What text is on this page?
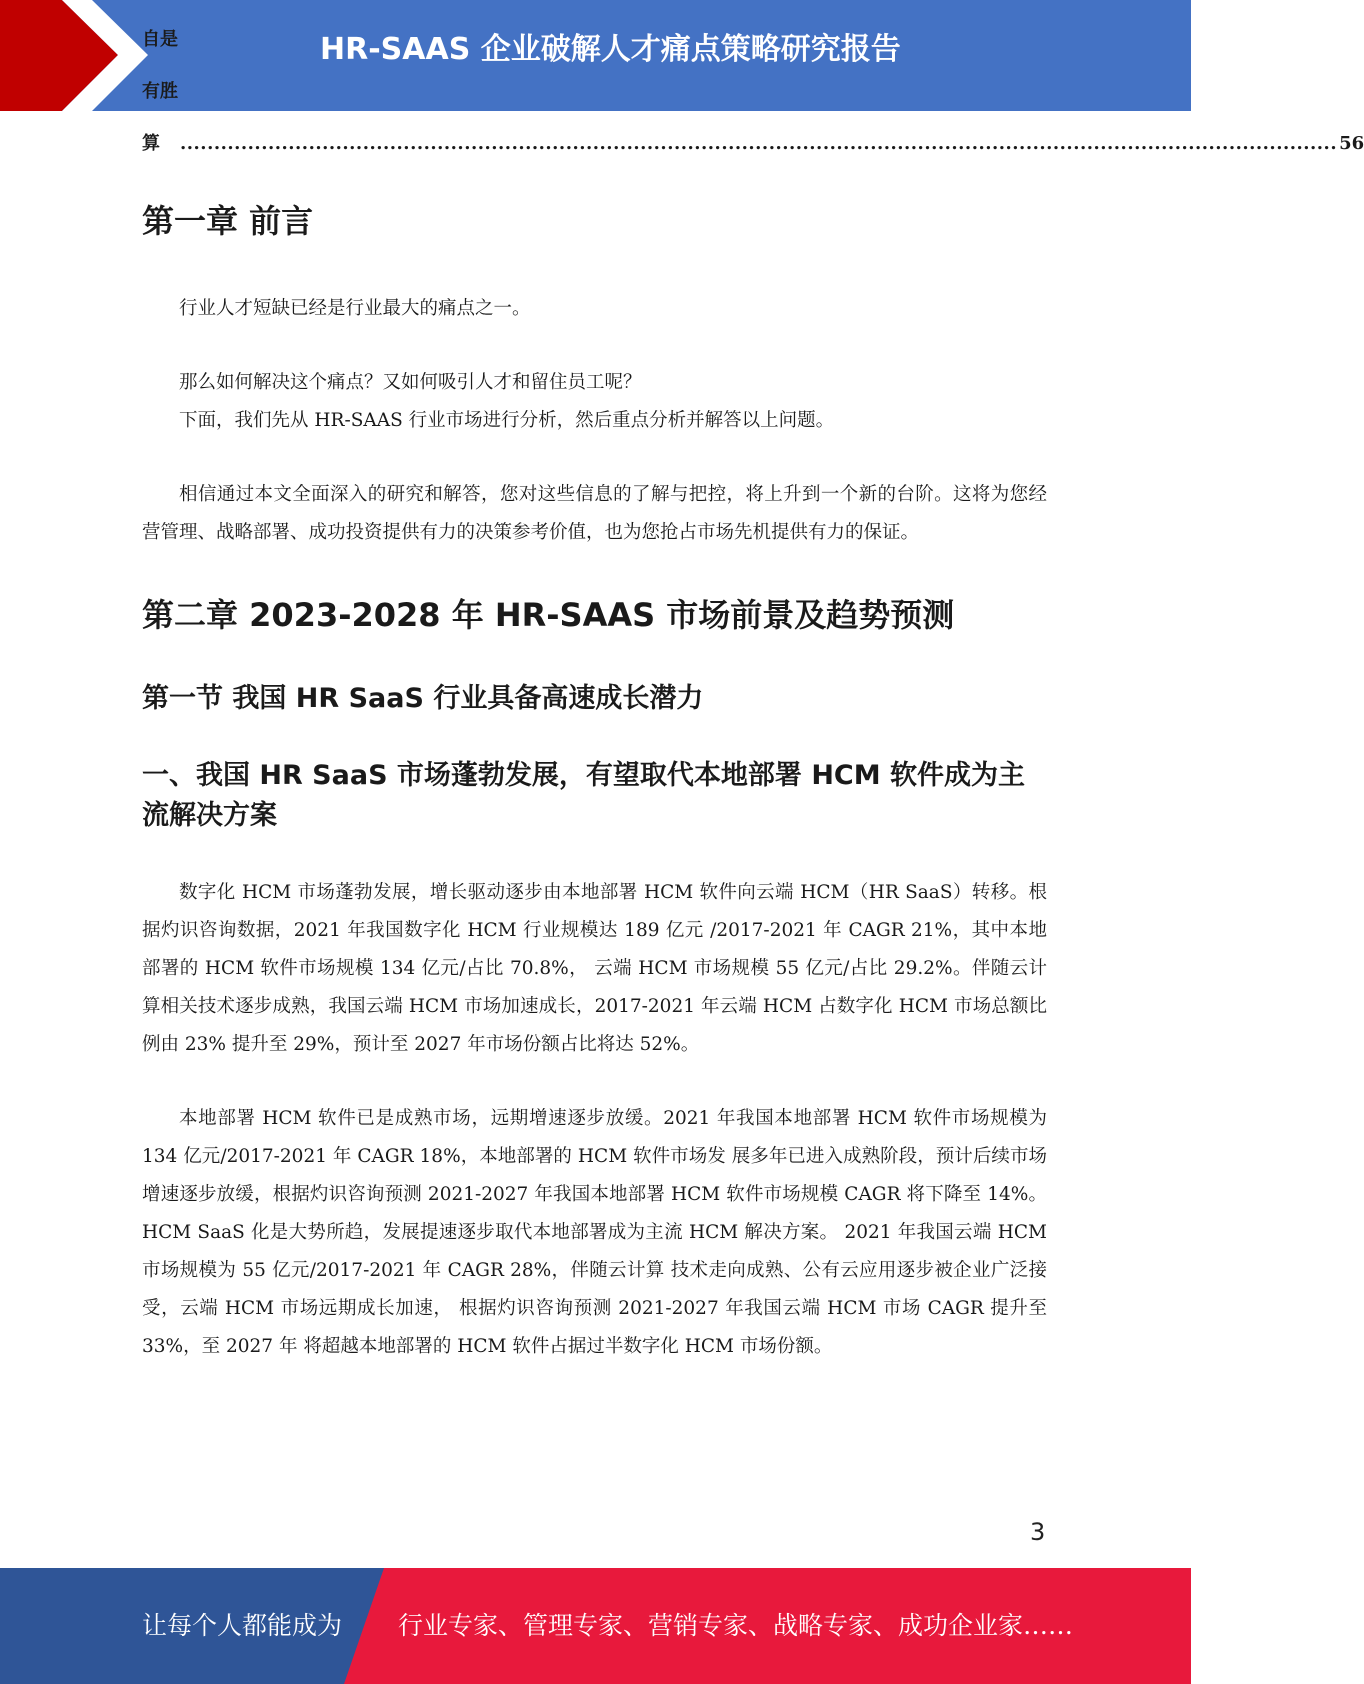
HR-SAAS 企业破解人才痛点策略研究报告
自是有胜算	........................................................................................................................................................................... 56
第一章 前言

行业人才短缺已经是行业最大的痛点之一。

那么如何解决这个痛点？又如何吸引人才和留住员工呢？

下面，我们先从 HR-SAAS 行业市场进行分析，然后重点分析并解答以上问题。

相信通过本文全面深入的研究和解答，您对这些信息的了解与把控，将上升到一个新的台阶。这将为您经营管理、战略部署、成功投资提供有力的决策参考价值，也为您抢占市场先机提供有力的保证。

第二章 2023-2028 年 HR-SAAS 市场前景及趋势预测
第一节 我国 HR SaaS 行业具备高速成长潜力
一、我国 HR SaaS 市场蓬勃发展，有望取代本地部署 HCM 软件成为主流解决方案

数字化 HCM 市场蓬勃发展，增长驱动逐步由本地部署 HCM 软件向云端 HCM（HR SaaS）转移。根据灼识咨询数据，2021 年我国数字化 HCM 行业规模达 189 亿元 /2017-2021 年 CAGR 21%，其中本地部署的 HCM 软件市场规模 134 亿元/占比 70.8%， 云端 HCM 市场规模 55 亿元/占比 29.2%。伴随云计算相关技术逐步成熟，我国云端 HCM 市场加速成长，2017-2021 年云端 HCM 占数字化 HCM 市场总额比例由 23% 提升至 29%，预计至 2027 年市场份额占比将达 52%。

本地部署 HCM 软件已是成熟市场，远期增速逐步放缓。2021 年我国本地部署 HCM 软件市场规模为 134 亿元/2017-2021 年 CAGR 18%，本地部署的 HCM 软件市场发 展多年已进入成熟阶段，预计后续市场增速逐步放缓，根据灼识咨询预测 2021-2027 年我国本地部署 HCM 软件市场规模 CAGR 将下降至 14%。 HCM SaaS 化是大势所趋，发展提速逐步取代本地部署成为主流 HCM 解决方案。 2021 年我国云端 HCM 市场规模为 55 亿元/2017-2021 年 CAGR 28%，伴随云计算 技术走向成熟、公有云应用逐步被企业广泛接受，云端 HCM 市场远期成长加速， 根据灼识咨询预测 2021-2027 年我国云端 HCM 市场 CAGR 提升至 33%，至 2027 年 将超越本地部署的 HCM 软件占据过半数字化 HCM 市场份额。

3
让每个人都能成为 行业专家、管理专家、营销专家、战略专家、成功企业家……
